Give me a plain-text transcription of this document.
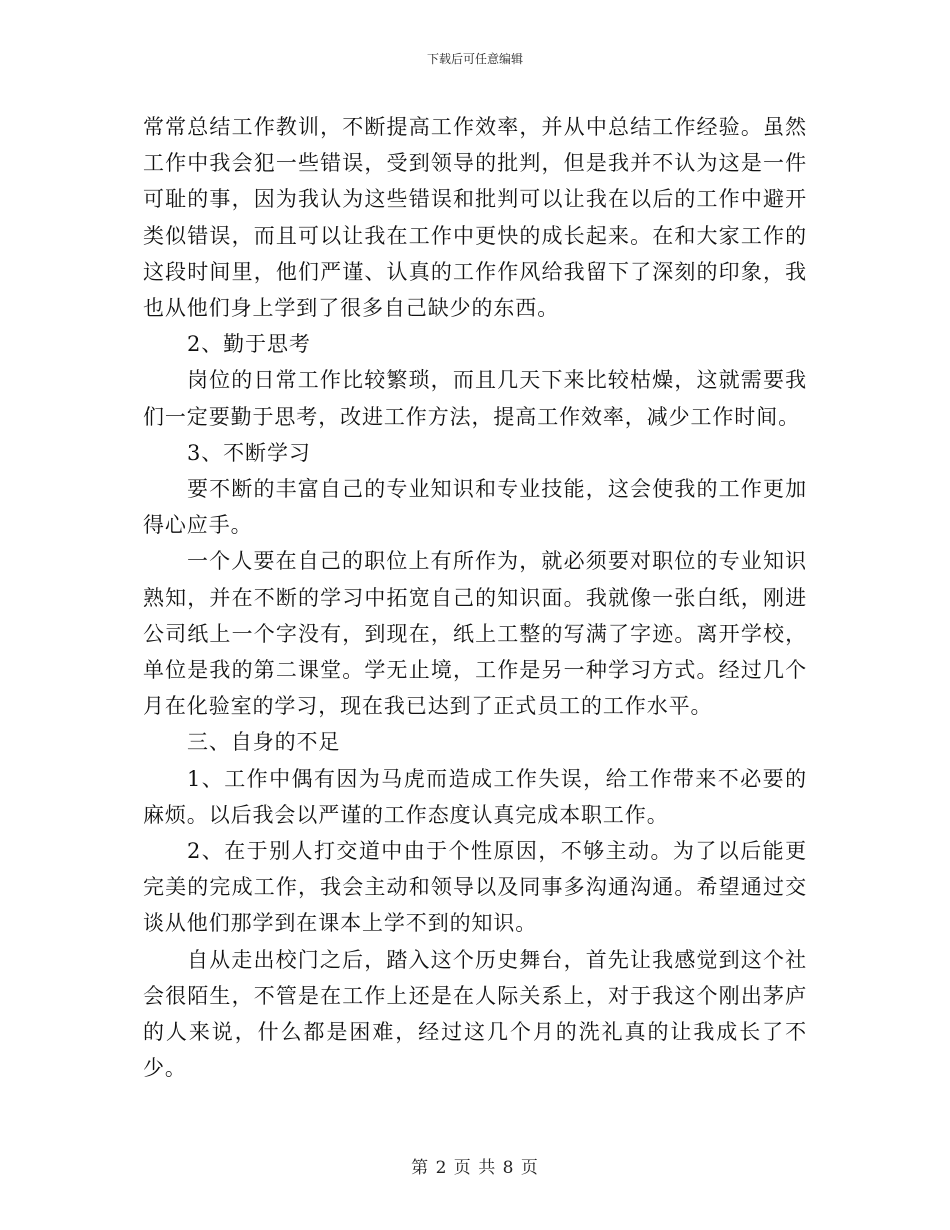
下载后可任意编辑

常常总结工作教训，不断提高工作效率，并从中总结工作经验。虽然工作中我会犯一些错误，受到领导的批判，但是我并不认为这是一件可耻的事，因为我认为这些错误和批判可以让我在以后的工作中避开类似错误，而且可以让我在工作中更快的成长起来。在和大家工作的这段时间里，他们严谨、认真的工作作风给我留下了深刻的印象，我也从他们身上学到了很多自己缺少的东西。

2、勤于思考

岗位的日常工作比较繁琐，而且几天下来比较枯燥，这就需要我们一定要勤于思考，改进工作方法，提高工作效率，减少工作时间。

3、不断学习

要不断的丰富自己的专业知识和专业技能，这会使我的工作更加得心应手。

一个人要在自己的职位上有所作为，就必须要对职位的专业知识熟知，并在不断的学习中拓宽自己的知识面。我就像一张白纸，刚进公司纸上一个字没有，到现在，纸上工整的写满了字迹。离开学校，单位是我的第二课堂。学无止境，工作是另一种学习方式。经过几个月在化验室的学习，现在我已达到了正式员工的工作水平。

三、自身的不足

1、工作中偶有因为马虎而造成工作失误，给工作带来不必要的麻烦。以后我会以严谨的工作态度认真完成本职工作。

2、在于别人打交道中由于个性原因，不够主动。为了以后能更完美的完成工作，我会主动和领导以及同事多沟通沟通。希望通过交谈从他们那学到在课本上学不到的知识。

自从走出校门之后，踏入这个历史舞台，首先让我感觉到这个社会很陌生，不管是在工作上还是在人际关系上，对于我这个刚出茅庐的人来说，什么都是困难，经过这几个月的洗礼真的让我成长了不少。

第 2 页 共 8 页
